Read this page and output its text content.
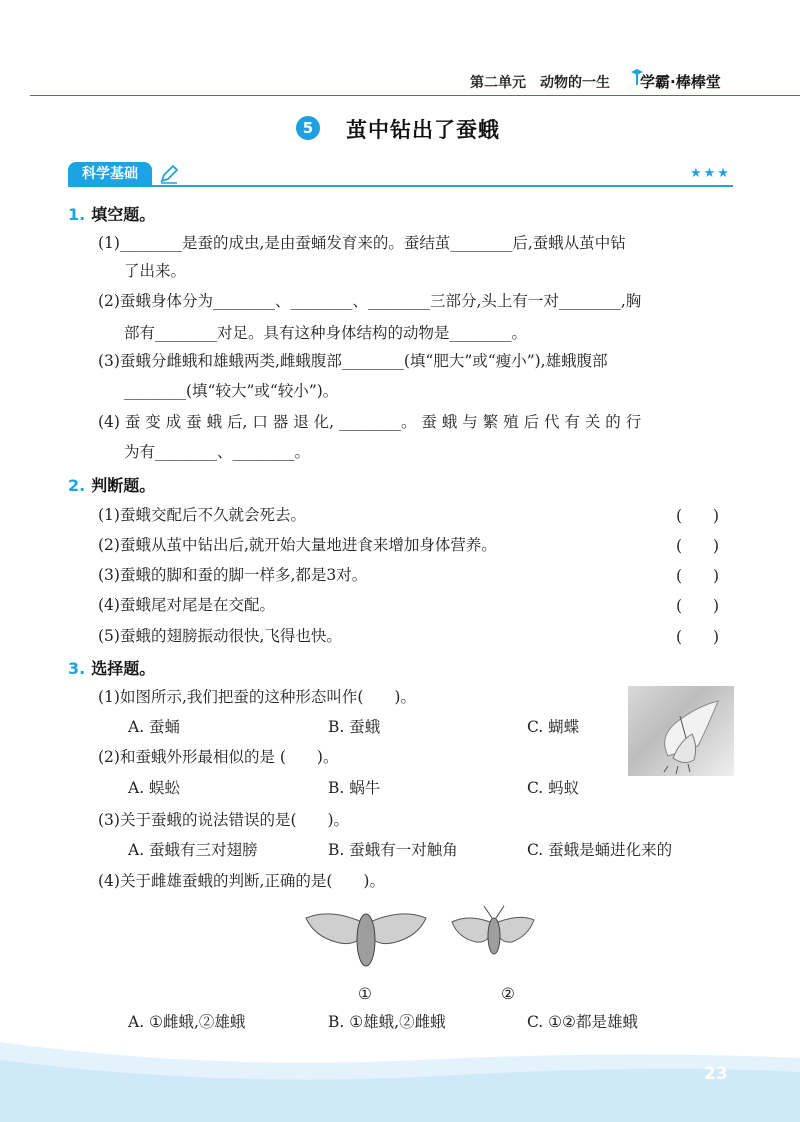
第二单元　动物的一生 学霸·棒棒堂
5	茧中钻出了蚕蛾
科学基础	★★★
1. 填空题。
(1)________是蚕的成虫,是由蚕蛹发育来的。蚕结茧________后,蚕蛾从茧中钻
了出来。
(2)蚕蛾身体分为________、________、________三部分,头上有一对________,胸
部有________对足。具有这种身体结构的动物是________。
(3)蚕蛾分雌蛾和雄蛾两类,雌蛾腹部________(填“肥大”或“瘦小”),雄蛾腹部
________(填“较大”或“较小”)。
(4) 蚕 变 成 蚕 蛾 后, 口 器 退 化, ________。 蚕 蛾 与 繁 殖 后 代 有 关 的 行
为有________、________。
2. 判断题。
(1)蚕蛾交配后不久就会死去。	(　　)
(2)蚕蛾从茧中钻出后,就开始大量地进食来增加身体营养。	(　　)
(3)蚕蛾的脚和蚕的脚一样多,都是3对。	(　　)
(4)蚕蛾尾对尾是在交配。	(　　)
(5)蚕蛾的翅膀振动很快,飞得也快。	(　　)
3. 选择题。
(1)如图所示,我们把蚕的这种形态叫作(　　)。
A. 蚕蛹	B. 蚕蛾	C. 蝴蝶
(2)和蚕蛾外形最相似的是 (　　)。
A. 蜈蚣	B. 蜗牛	C. 蚂蚁
(3)关于蚕蛾的说法错误的是(　　)。
A. 蚕蛾有三对翅膀	B. 蚕蛾有一对触角	C. 蚕蛾是蛹进化来的
(4)关于雌雄蚕蛾的判断,正确的是(　　)。
①	②
A. ①雌蛾,②雄蛾	B. ①雄蛾,②雌蛾	C. ①②都是雄蛾
23
